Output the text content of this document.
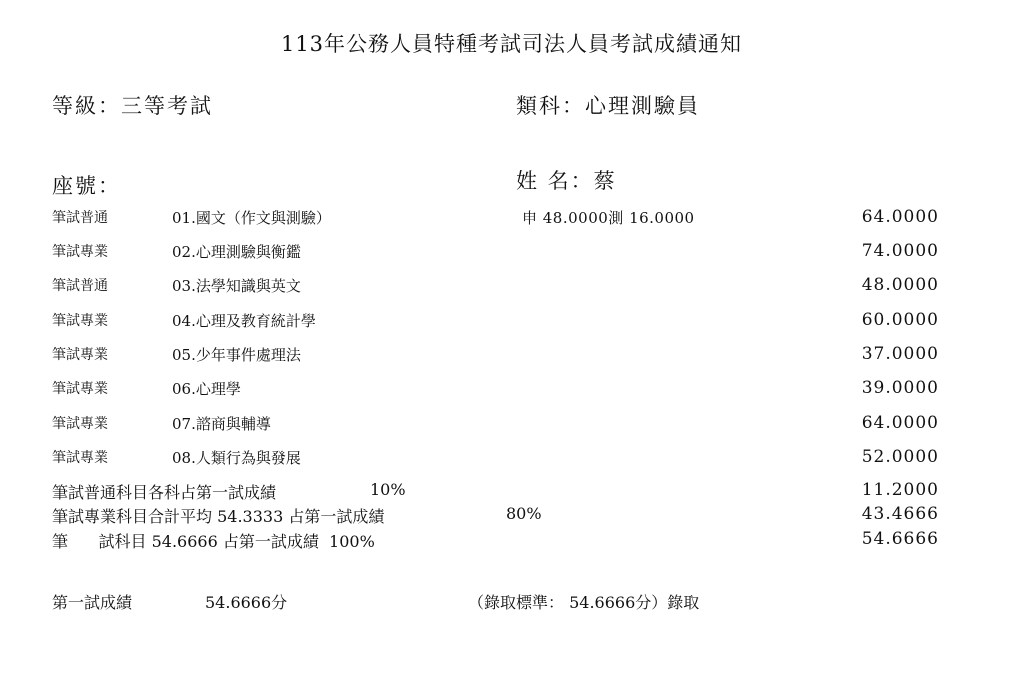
113年公務人員特種考試司法人員考試成績通知
等級：三等考試	類科：心理測驗員
座號：	姓 名：蔡
筆試普通	01.國文（作文與測驗）	申 48.0000測 16.0000	64.0000
筆試專業	02.心理測驗與衡鑑	74.0000
筆試普通	03.法學知識與英文	48.0000
筆試專業	04.心理及教育統計學	60.0000
筆試專業	05.少年事件處理法	37.0000
筆試專業	06.心理學	39.0000
筆試專業	07.諮商與輔導	64.0000
筆試專業	08.人類行為與發展	52.0000
筆試普通科目各科占第一試成績	10%	11.2000
筆試專業科目合計平均 54.3333 占第一試成績	80%	43.4666
筆      試科目 54.6666 占第一試成績  100%	54.6666
第一試成績	54.6666分	（錄取標準： 54.6666分）錄取
